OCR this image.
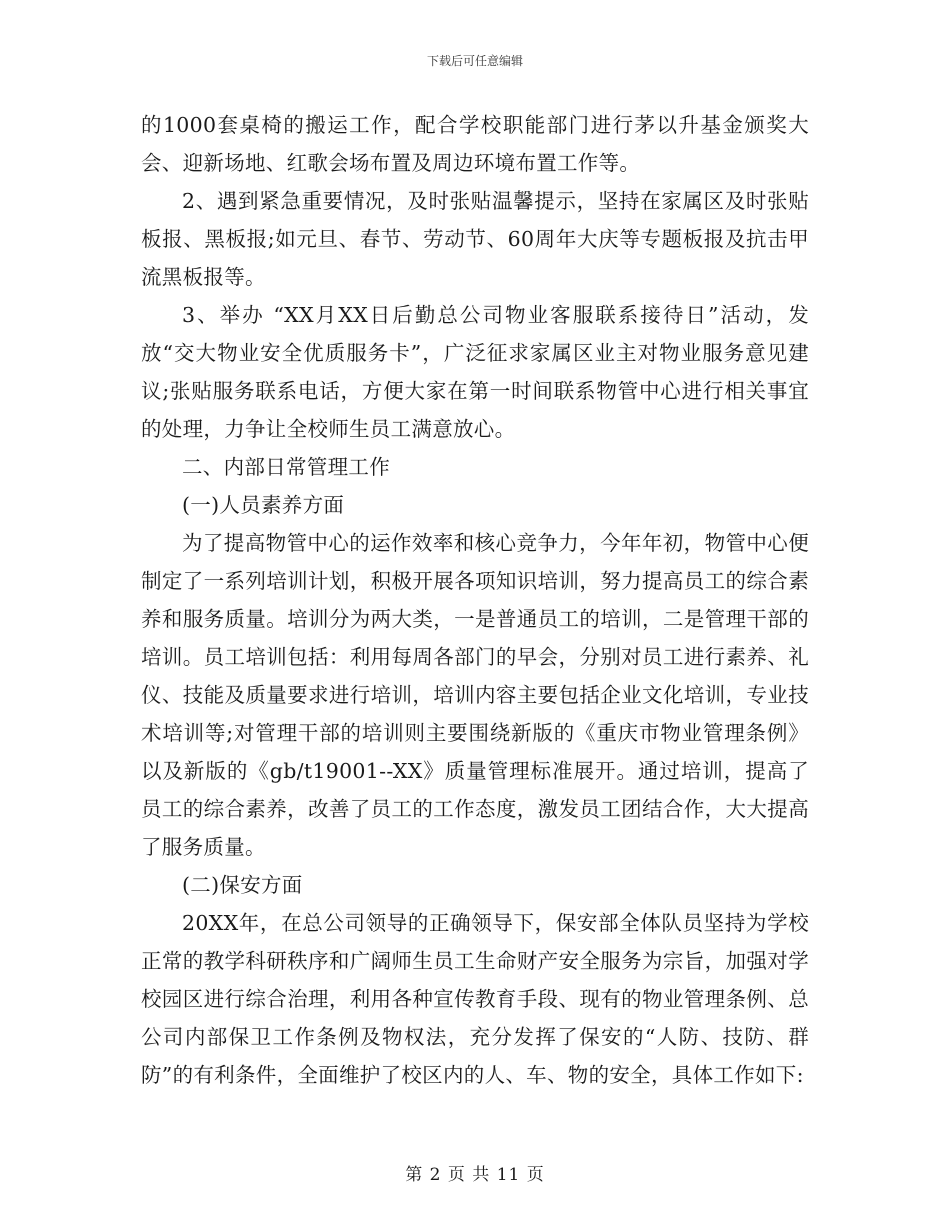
下载后可任意编辑

的1000套桌椅的搬运工作，配合学校职能部门进行茅以升基金颁奖大会、迎新场地、红歌会场布置及周边环境布置工作等。

2、遇到紧急重要情况，及时张贴温馨提示，坚持在家属区及时张贴板报、黑板报;如元旦、春节、劳动节、60周年大庆等专题板报及抗击甲流黑板报等。

3、举办 “XX月XX日后勤总公司物业客服联系接待日”活动，发放“交大物业安全优质服务卡”，广泛征求家属区业主对物业服务意见建议;张贴服务联系电话，方便大家在第一时间联系物管中心进行相关事宜的处理，力争让全校师生员工满意放心。

二、内部日常管理工作

(一)人员素养方面

为了提高物管中心的运作效率和核心竞争力，今年年初，物管中心便制定了一系列培训计划，积极开展各项知识培训，努力提高员工的综合素养和服务质量。培训分为两大类，一是普通员工的培训，二是管理干部的培训。员工培训包括：利用每周各部门的早会，分别对员工进行素养、礼仪、技能及质量要求进行培训，培训内容主要包括企业文化培训，专业技术培训等;对管理干部的培训则主要围绕新版的《重庆市物业管理条例》以及新版的《gb/t19001--XX》质量管理标准展开。通过培训，提高了员工的综合素养，改善了员工的工作态度，激发员工团结合作，大大提高了服务质量。

(二)保安方面

20XX年，在总公司领导的正确领导下，保安部全体队员坚持为学校正常的教学科研秩序和广阔师生员工生命财产安全服务为宗旨，加强对学校园区进行综合治理，利用各种宣传教育手段、现有的物业管理条例、总公司内部保卫工作条例及物权法，充分发挥了保安的“人防、技防、群防”的有利条件，全面维护了校区内的人、车、物的安全，具体工作如下:

第 2 页 共 11 页
